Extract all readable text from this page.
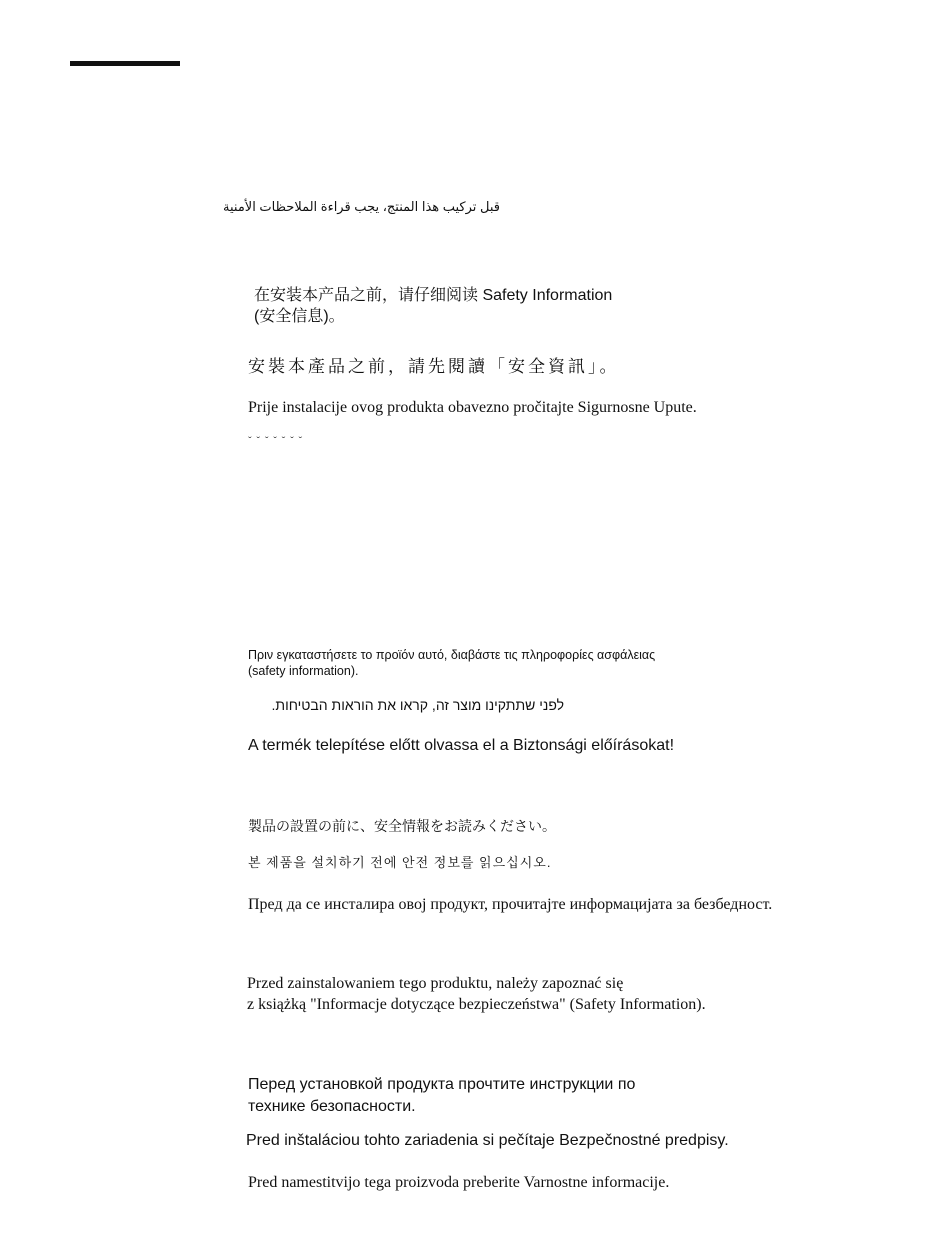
قبل تركيب هذا المنتج، يجب قراءة الملاحظات الأمنية

在安装本产品之前，请仔细阅读 Safety Information
(安全信息)。

安裝本產品之前，請先閱讀「安全資訊」。

Prije instalacije ovog produkta obavezno pročitajte Sigurnosne Upute.

ˇ ˇ ˇ ˇ ˇ ˇ ˇ

Πριν εγκαταστήσετε το προϊόν αυτό, διαβάστε τις πληροφορίες ασφάλειας
(safety information).

לפני שתתקינו מוצר זה, קראו את הוראות הבטיחות.

A termék telepítése előtt olvassa el a Biztonsági előírásokat!

製品の設置の前に、安全情報をお読みください。

본 제품을 설치하기 전에 안전 정보를 읽으십시오.

Пред да се инсталира овој продукт, прочитајте информацијата за безбедност.

Przed zainstalowaniem tego produktu, należy zapoznać się
z książką "Informacje dotyczące bezpieczeństwa" (Safety Information).
Перед установкой продукта прочтите инструкции по
технике безопасности.

Pred inštaláciou tohto zariadenia si pečítaje Bezpečnostné predpisy.

Pred namestitvijo tega proizvoda preberite Varnostne informacije.
